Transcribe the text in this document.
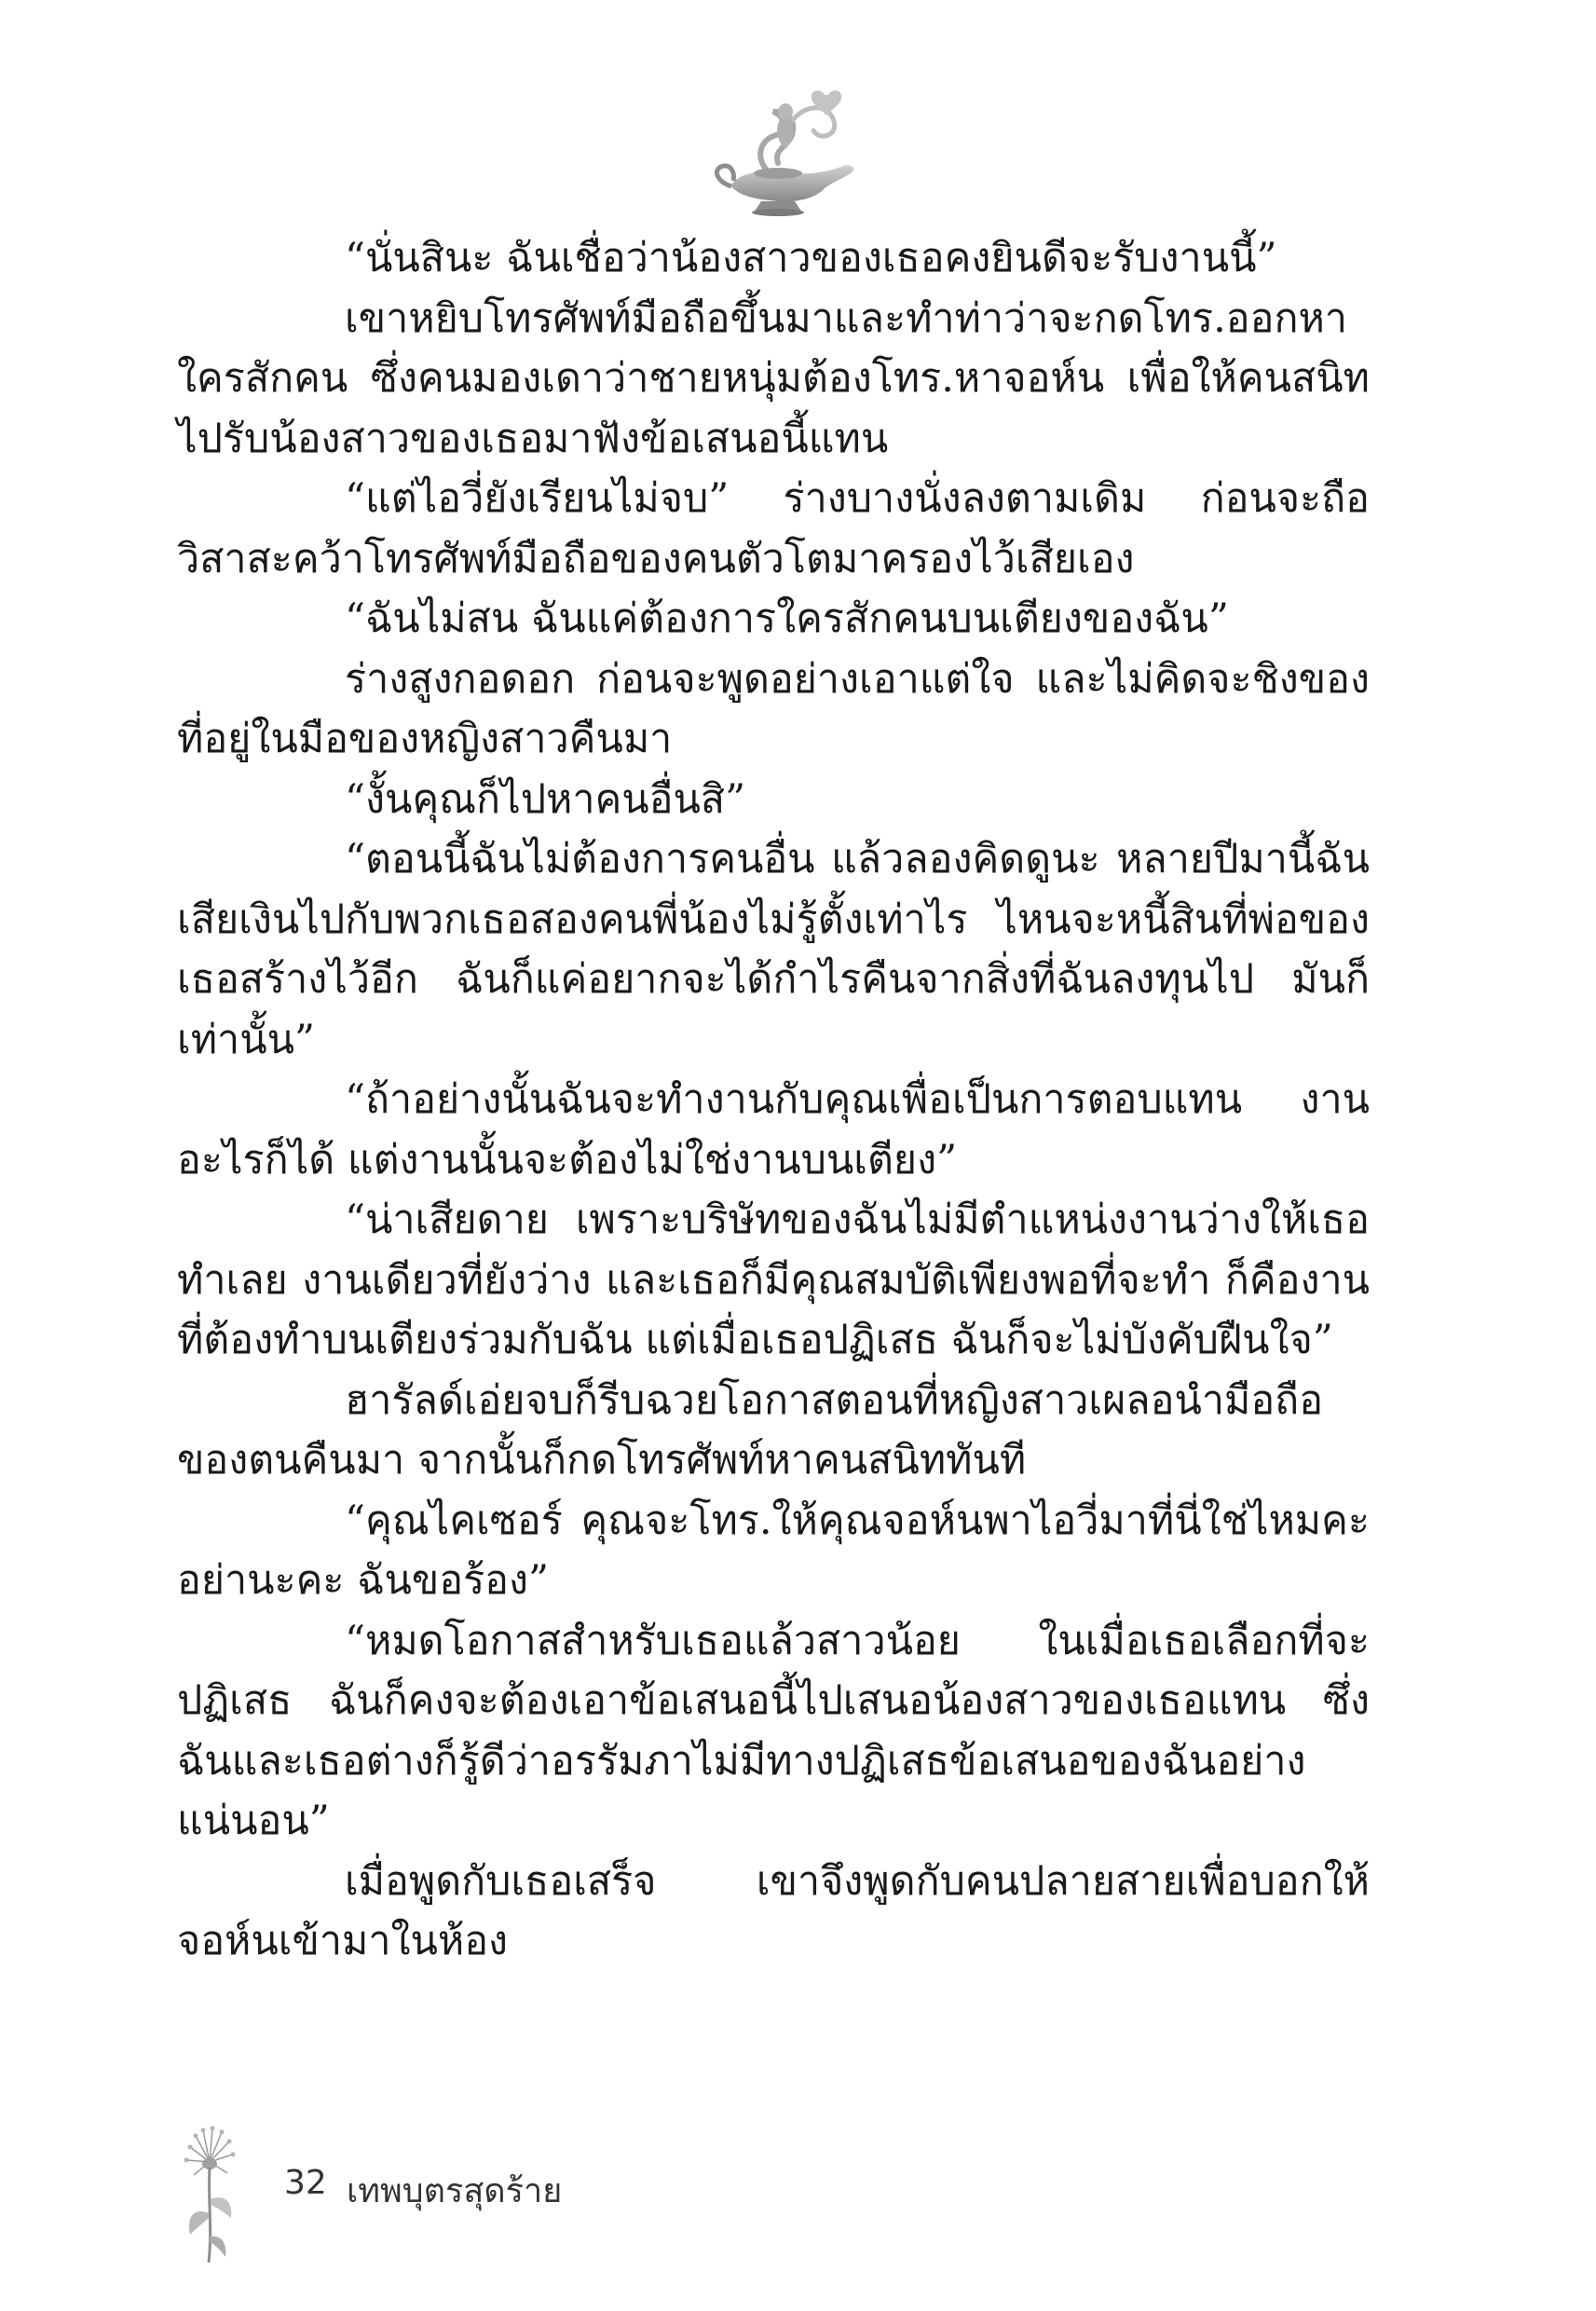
“นั่นสินะ ฉันเชื่อว่าน้องสาวของเธอคงยินดีจะรับงานนี้”

เขาหยิบโทรศัพท์มือถือขึ้นมาและทำท่าว่าจะกดโทร.ออกหาใครสักคน ซึ่งคนมองเดาว่าชายหนุ่มต้องโทร.หาจอห์น เพื่อให้คนสนิทไปรับน้องสาวของเธอมาฟังข้อเสนอนี้แทน

“แต่ไอวี่ยังเรียนไม่จบ” ร่างบางนั่งลงตามเดิม ก่อนจะถือวิสาสะคว้าโทรศัพท์มือถือของคนตัวโตมาครองไว้เสียเอง

“ฉันไม่สน ฉันแค่ต้องการใครสักคนบนเตียงของฉัน”

ร่างสูงกอดอก ก่อนจะพูดอย่างเอาแต่ใจ และไม่คิดจะชิงของที่อยู่ในมือของหญิงสาวคืนมา

“งั้นคุณก็ไปหาคนอื่นสิ”

“ตอนนี้ฉันไม่ต้องการคนอื่น แล้วลองคิดดูนะ หลายปีมานี้ฉันเสียเงินไปกับพวกเธอสองคนพี่น้องไม่รู้ตั้งเท่าไร ไหนจะหนี้สินที่พ่อของเธอสร้างไว้อีก ฉันก็แค่อยากจะได้กำไรคืนจากสิ่งที่ฉันลงทุนไป มันก็เท่านั้น”

“ถ้าอย่างนั้นฉันจะทำงานกับคุณเพื่อเป็นการตอบแทน งานอะไรก็ได้ แต่งานนั้นจะต้องไม่ใช่งานบนเตียง”

“น่าเสียดาย เพราะบริษัทของฉันไม่มีตำแหน่งงานว่างให้เธอทำเลย งานเดียวที่ยังว่าง และเธอก็มีคุณสมบัติเพียงพอที่จะทำ ก็คืองานที่ต้องทำบนเตียงร่วมกับฉัน แต่เมื่อเธอปฏิเสธ ฉันก็จะไม่บังคับฝืนใจ”

ฮารัลด์เอ่ยจบก็รีบฉวยโอกาสตอนที่หญิงสาวเผลอนำมือถือของตนคืนมา จากนั้นก็กดโทรศัพท์หาคนสนิททันที

“คุณไคเซอร์ คุณจะโทร.ให้คุณจอห์นพาไอวี่มาที่นี่ใช่ไหมคะ อย่านะคะ ฉันขอร้อง”

“หมดโอกาสสำหรับเธอแล้วสาวน้อย ในเมื่อเธอเลือกที่จะปฏิเสธ ฉันก็คงจะต้องเอาข้อเสนอนี้ไปเสนอน้องสาวของเธอแทน ซึ่งฉันและเธอต่างก็รู้ดีว่าอรรัมภาไม่มีทางปฏิเสธข้อเสนอของฉันอย่างแน่นอน”

เมื่อพูดกับเธอเสร็จ เขาจึงพูดกับคนปลายสายเพื่อบอกให้จอห์นเข้ามาในห้อง

32 เทพบุตรสุดร้าย
